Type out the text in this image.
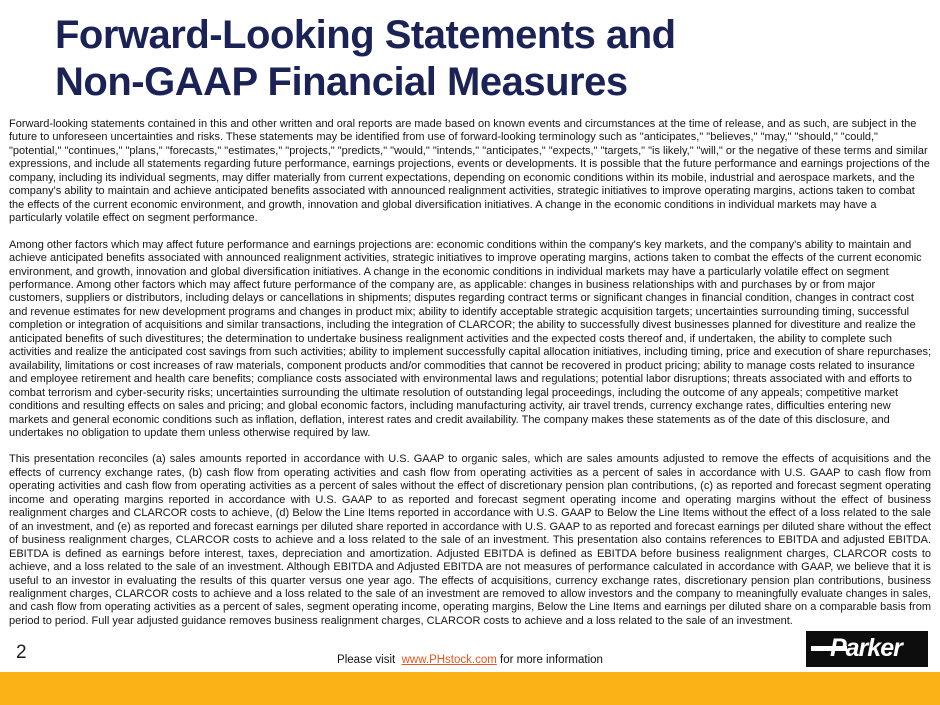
Forward-Looking Statements and
Non-GAAP Financial Measures

Forward-looking statements contained in this and other written and oral reports are made based on known events and circumstances at the time of release, and as such, are subject in the future to unforeseen uncertainties and risks. These statements may be identified from use of forward-looking terminology such as "anticipates," "believes," "may," "should," "could," "potential," "continues," "plans," "forecasts," "estimates," "projects," "predicts," "would," "intends," "anticipates," "expects," "targets," "is likely," "will," or the negative of these terms and similar expressions, and include all statements regarding future performance, earnings projections, events or developments. It is possible that the future performance and earnings projections of the company, including its individual segments, may differ materially from current expectations, depending on economic conditions within its mobile, industrial and aerospace markets, and the company's ability to maintain and achieve anticipated benefits associated with announced realignment activities, strategic initiatives to improve operating margins, actions taken to combat the effects of the current economic environment, and growth, innovation and global diversification initiatives. A change in the economic conditions in individual markets may have a particularly volatile effect on segment performance.

Among other factors which may affect future performance and earnings projections are: economic conditions within the company's key markets, and the company's ability to maintain and achieve anticipated benefits associated with announced realignment activities, strategic initiatives to improve operating margins, actions taken to combat the effects of the current economic environment, and growth, innovation and global diversification initiatives. A change in the economic conditions in individual markets may have a particularly volatile effect on segment performance. Among other factors which may affect future performance of the company are, as applicable: changes in business relationships with and purchases by or from major customers, suppliers or distributors, including delays or cancellations in shipments; disputes regarding contract terms or significant changes in financial condition, changes in contract cost and revenue estimates for new development programs and changes in product mix; ability to identify acceptable strategic acquisition targets; uncertainties surrounding timing, successful completion or integration of acquisitions and similar transactions, including the integration of CLARCOR; the ability to successfully divest businesses planned for divestiture and realize the anticipated benefits of such divestitures; the determination to undertake business realignment activities and the expected costs thereof and, if undertaken, the ability to complete such activities and realize the anticipated cost savings from such activities; ability to implement successfully capital allocation initiatives, including timing, price and execution of share repurchases; availability, limitations or cost increases of raw materials, component products and/or commodities that cannot be recovered in product pricing; ability to manage costs related to insurance and employee retirement and health care benefits; compliance costs associated with environmental laws and regulations; potential labor disruptions; threats associated with and efforts to combat terrorism and cyber-security risks; uncertainties surrounding the ultimate resolution of outstanding legal proceedings, including the outcome of any appeals; competitive market conditions and resulting effects on sales and pricing; and global economic factors, including manufacturing activity, air travel trends, currency exchange rates, difficulties entering new markets and general economic conditions such as inflation, deflation, interest rates and credit availability. The company makes these statements as of the date of this disclosure, and undertakes no obligation to update them unless otherwise required by law.

This presentation reconciles (a) sales amounts reported in accordance with U.S. GAAP to organic sales, which are sales amounts adjusted to remove the effects of acquisitions and the effects of currency exchange rates, (b) cash flow from operating activities and cash flow from operating activities as a percent of sales in accordance with U.S. GAAP to cash flow from operating activities and cash flow from operating activities as a percent of sales without the effect of discretionary pension plan contributions, (c) as reported and forecast segment operating income and operating margins reported in accordance with U.S. GAAP to as reported and forecast segment operating income and operating margins without the effect of business realignment charges and CLARCOR costs to achieve, (d) Below the Line Items reported in accordance with U.S. GAAP to Below the Line Items without the effect of a loss related to the sale of an investment, and (e) as reported and forecast earnings per diluted share reported in accordance with U.S. GAAP to as reported and forecast earnings per diluted share without the effect of business realignment charges, CLARCOR costs to achieve and a loss related to the sale of an investment. This presentation also contains references to EBITDA and adjusted EBITDA. EBITDA is defined as earnings before interest, taxes, depreciation and amortization. Adjusted EBITDA is defined as EBITDA before business realignment charges, CLARCOR costs to achieve, and a loss related to the sale of an investment. Although EBITDA and Adjusted EBITDA are not measures of performance calculated in accordance with GAAP, we believe that it is useful to an investor in evaluating the results of this quarter versus one year ago. The effects of acquisitions, currency exchange rates, discretionary pension plan contributions, business realignment charges, CLARCOR costs to achieve and a loss related to the sale of an investment are removed to allow investors and the company to meaningfully evaluate changes in sales, and cash flow from operating activities as a percent of sales, segment operating income, operating margins, Below the Line Items and earnings per diluted share on a comparable basis from period to period. Full year adjusted guidance removes business realignment charges, CLARCOR costs to achieve and a loss related to the sale of an investment.

2	Please visit  www.PHstock.com for more information	Parker
